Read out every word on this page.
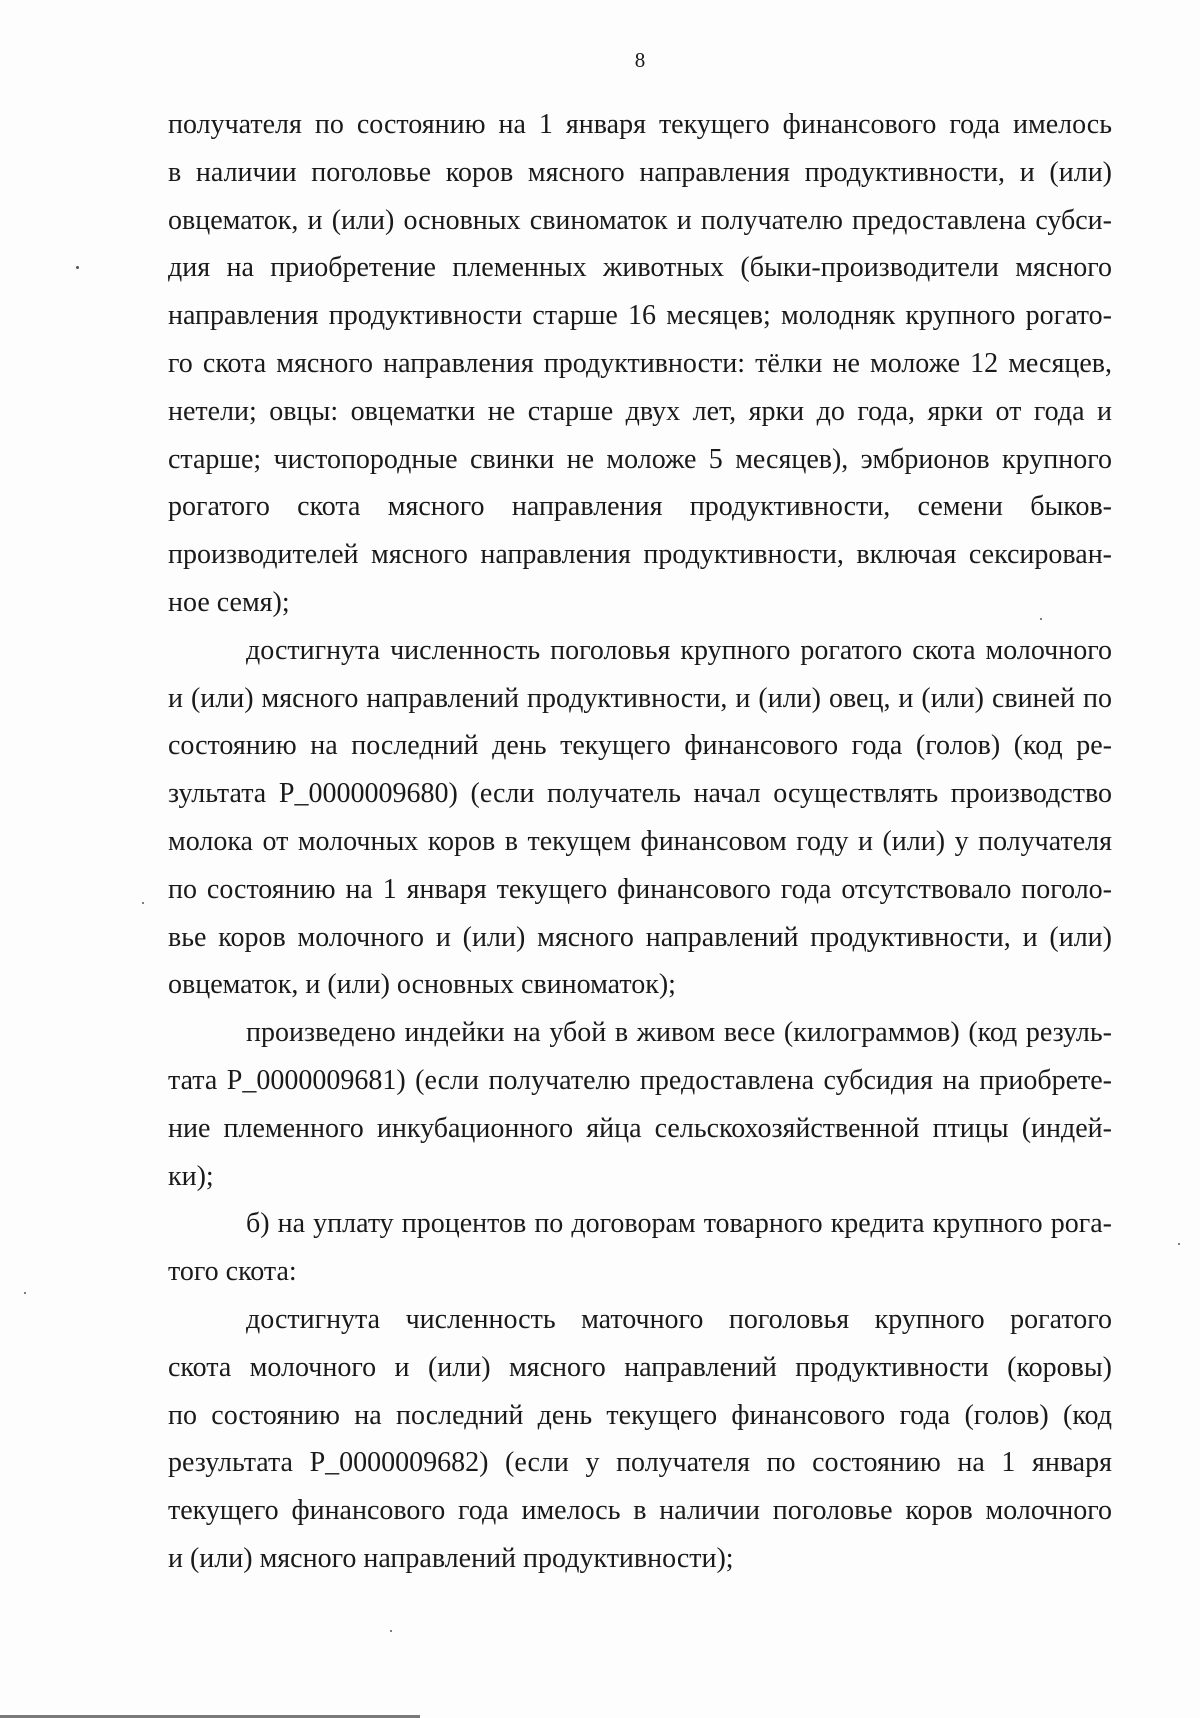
8
получателя по состоянию на 1 января текущего финансового года имелось
в наличии поголовье коров мясного направления продуктивности, и (или)
овцематок, и (или) основных свиноматок и получателю предоставлена субси-
дия на приобретение племенных животных (быки-производители мясного
направления продуктивности старше 16 месяцев; молодняк крупного рогато-
го скота мясного направления продуктивности: тёлки не моложе 12 месяцев,
нетели; овцы: овцематки не старше двух лет, ярки до года, ярки от года и
старше; чистопородные свинки не моложе 5 месяцев), эмбрионов крупного
рогатого скота мясного направления продуктивности, семени быков-
производителей мясного направления продуктивности, включая сексирован-
ное семя);
достигнута численность поголовья крупного рогатого скота молочного
и (или) мясного направлений продуктивности, и (или) овец, и (или) свиней по
состоянию на последний день текущего финансового года (голов) (код ре-
зультата P_0000009680) (если получатель начал осуществлять производство
молока от молочных коров в текущем финансовом году и (или) у получателя
по состоянию на 1 января текущего финансового года отсутствовало поголо-
вье коров молочного и (или) мясного направлений продуктивности, и (или)
овцематок, и (или) основных свиноматок);
произведено индейки на убой в живом весе (килограммов) (код резуль-
тата P_0000009681) (если получателю предоставлена субсидия на приобрете-
ние племенного инкубационного яйца сельскохозяйственной птицы (индей-
ки);
б) на уплату процентов по договорам товарного кредита крупного рога-
того скота:
достигнута численность маточного поголовья крупного рогатого
скота молочного и (или) мясного направлений продуктивности (коровы)
по состоянию на последний день текущего финансового года (голов) (код
результата P_0000009682) (если у получателя по состоянию на 1 января
текущего финансового года имелось в наличии поголовье коров молочного
и (или) мясного направлений продуктивности);
